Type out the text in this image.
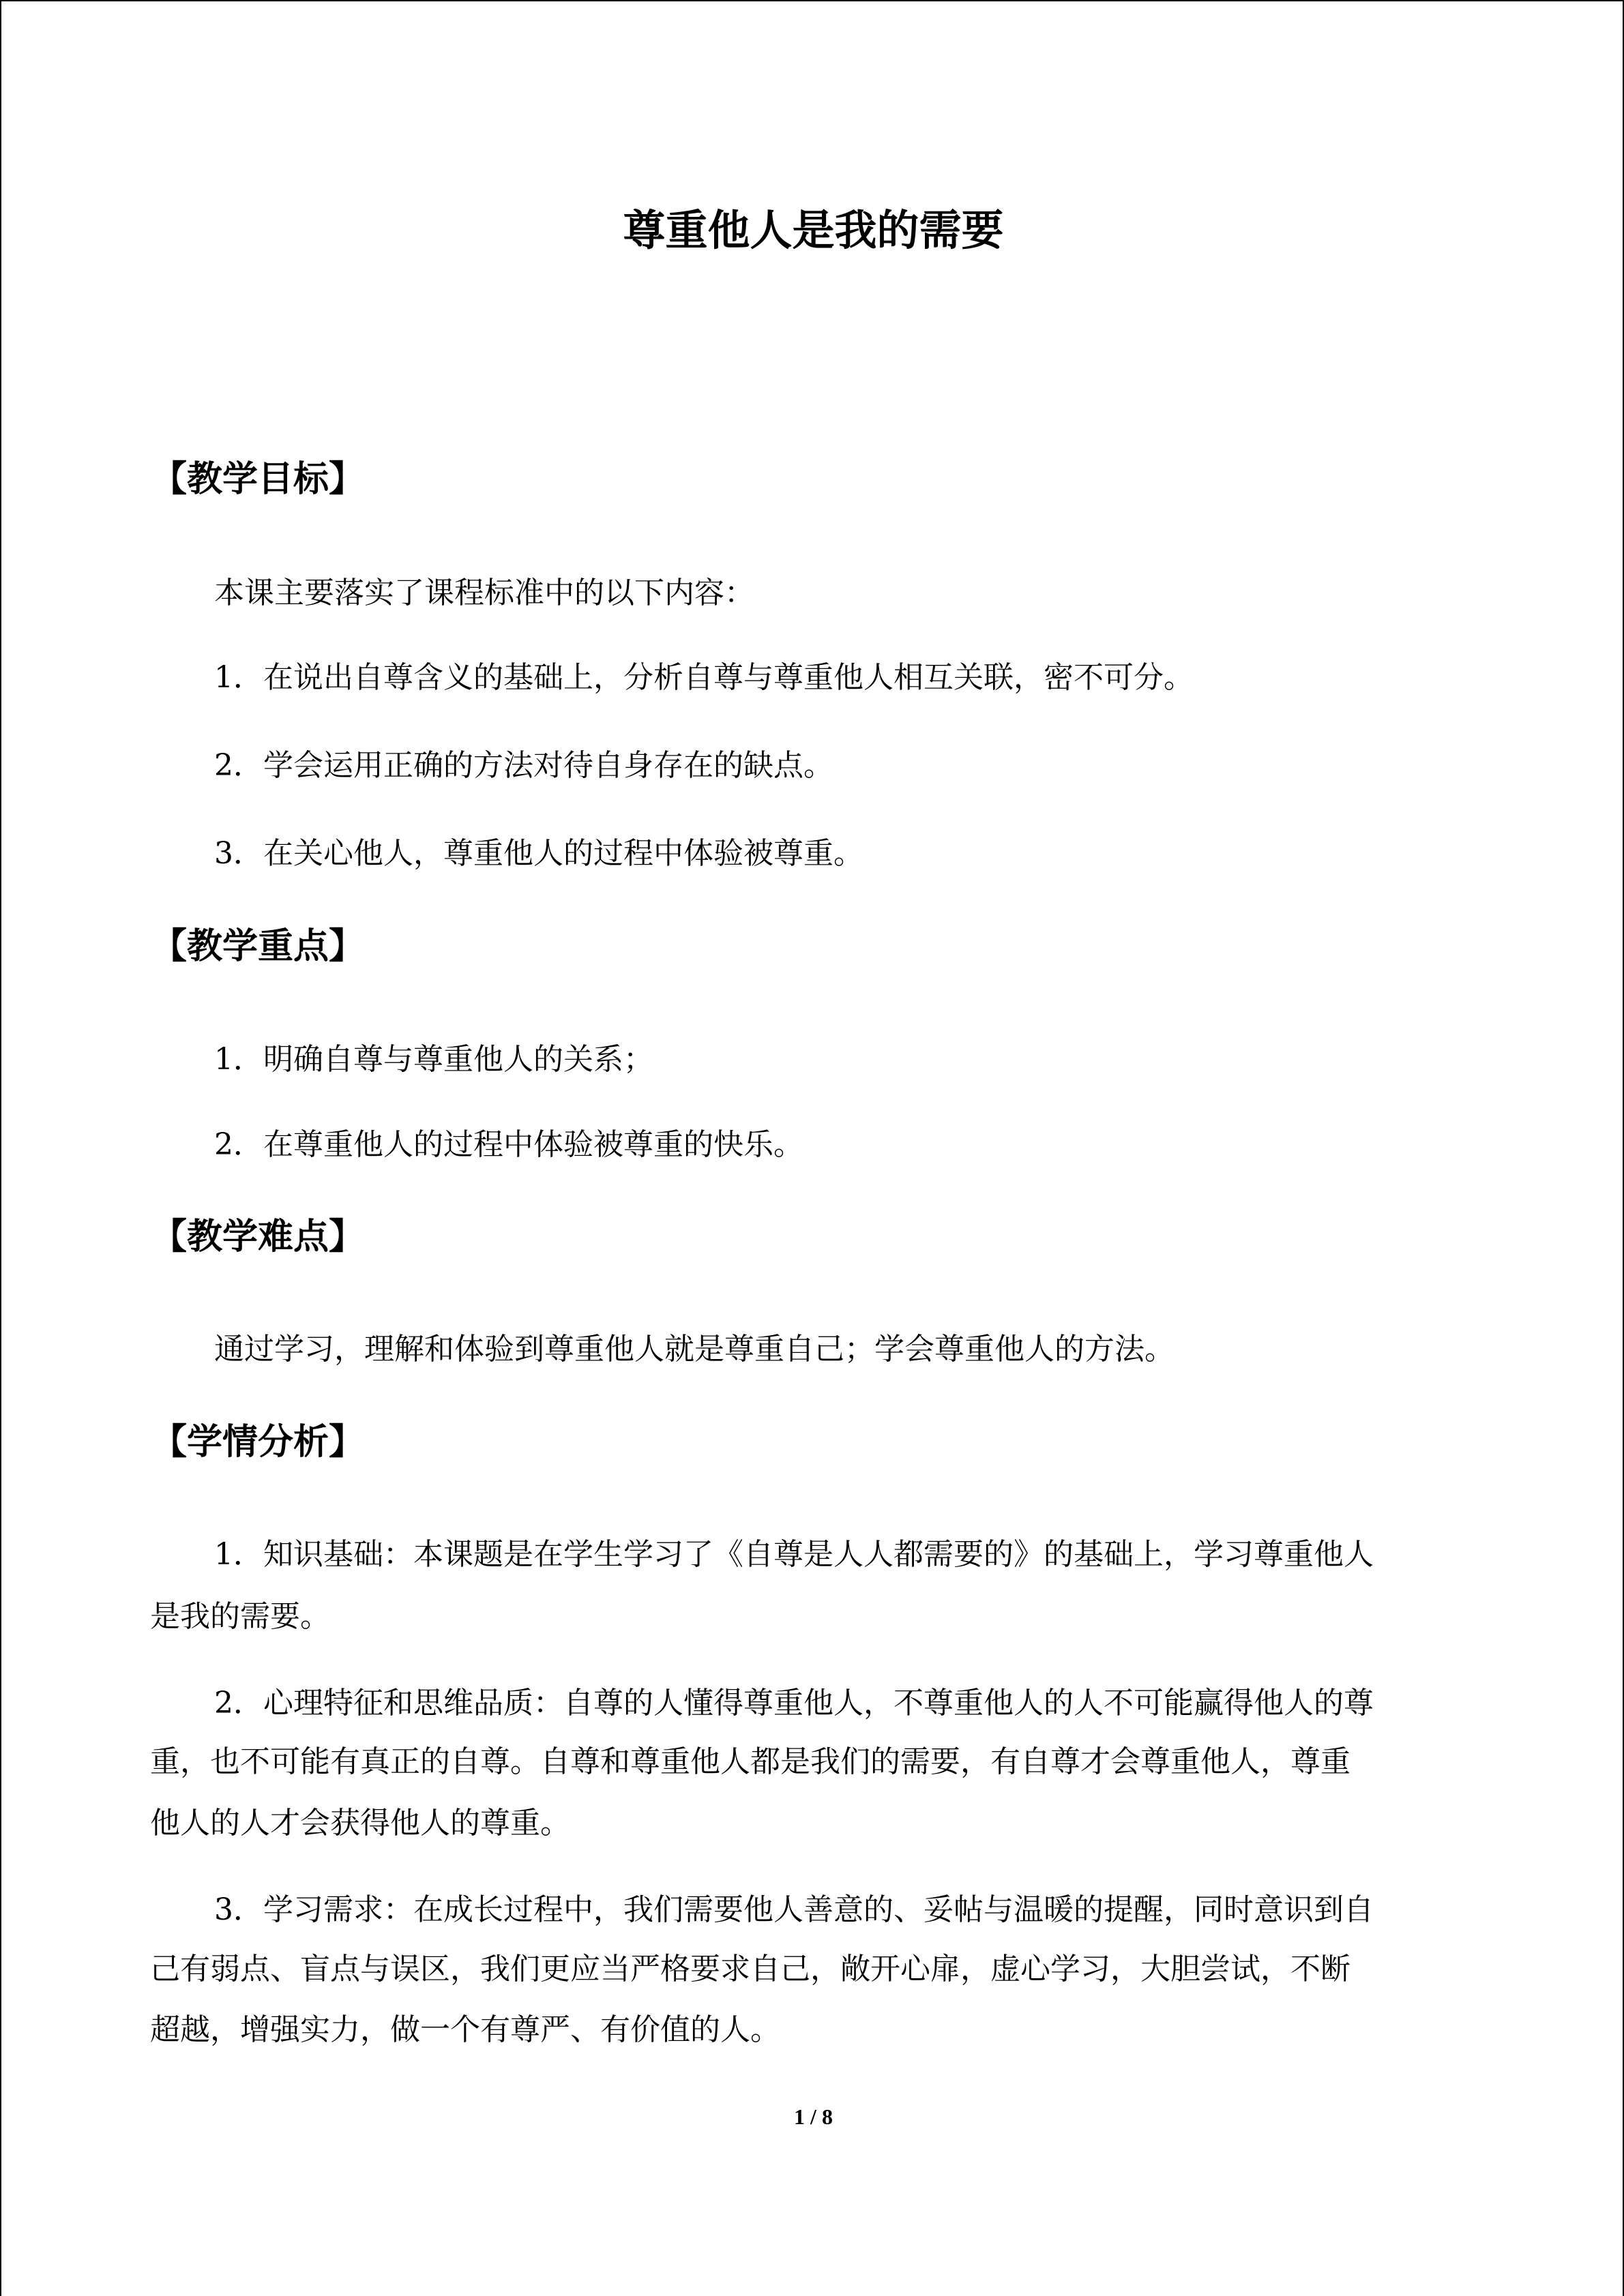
尊重他人是我的需要
【教学目标】

本课主要落实了课程标准中的以下内容：

1．在说出自尊含义的基础上，分析自尊与尊重他人相互关联，密不可分。

2．学会运用正确的方法对待自身存在的缺点。

3．在关心他人，尊重他人的过程中体验被尊重。

【教学重点】

1．明确自尊与尊重他人的关系；

2．在尊重他人的过程中体验被尊重的快乐。

【教学难点】

通过学习，理解和体验到尊重他人就是尊重自己；学会尊重他人的方法。

【学情分析】

1．知识基础：本课题是在学生学习了《自尊是人人都需要的》的基础上，学习尊重他人

是我的需要。

2．心理特征和思维品质：自尊的人懂得尊重他人，不尊重他人的人不可能赢得他人的尊

重，也不可能有真正的自尊。自尊和尊重他人都是我们的需要，有自尊才会尊重他人，尊重

他人的人才会获得他人的尊重。

3．学习需求：在成长过程中，我们需要他人善意的、妥帖与温暖的提醒，同时意识到自

己有弱点、盲点与误区，我们更应当严格要求自己，敞开心扉，虚心学习，大胆尝试，不断

超越，增强实力，做一个有尊严、有价值的人。

1 / 8
